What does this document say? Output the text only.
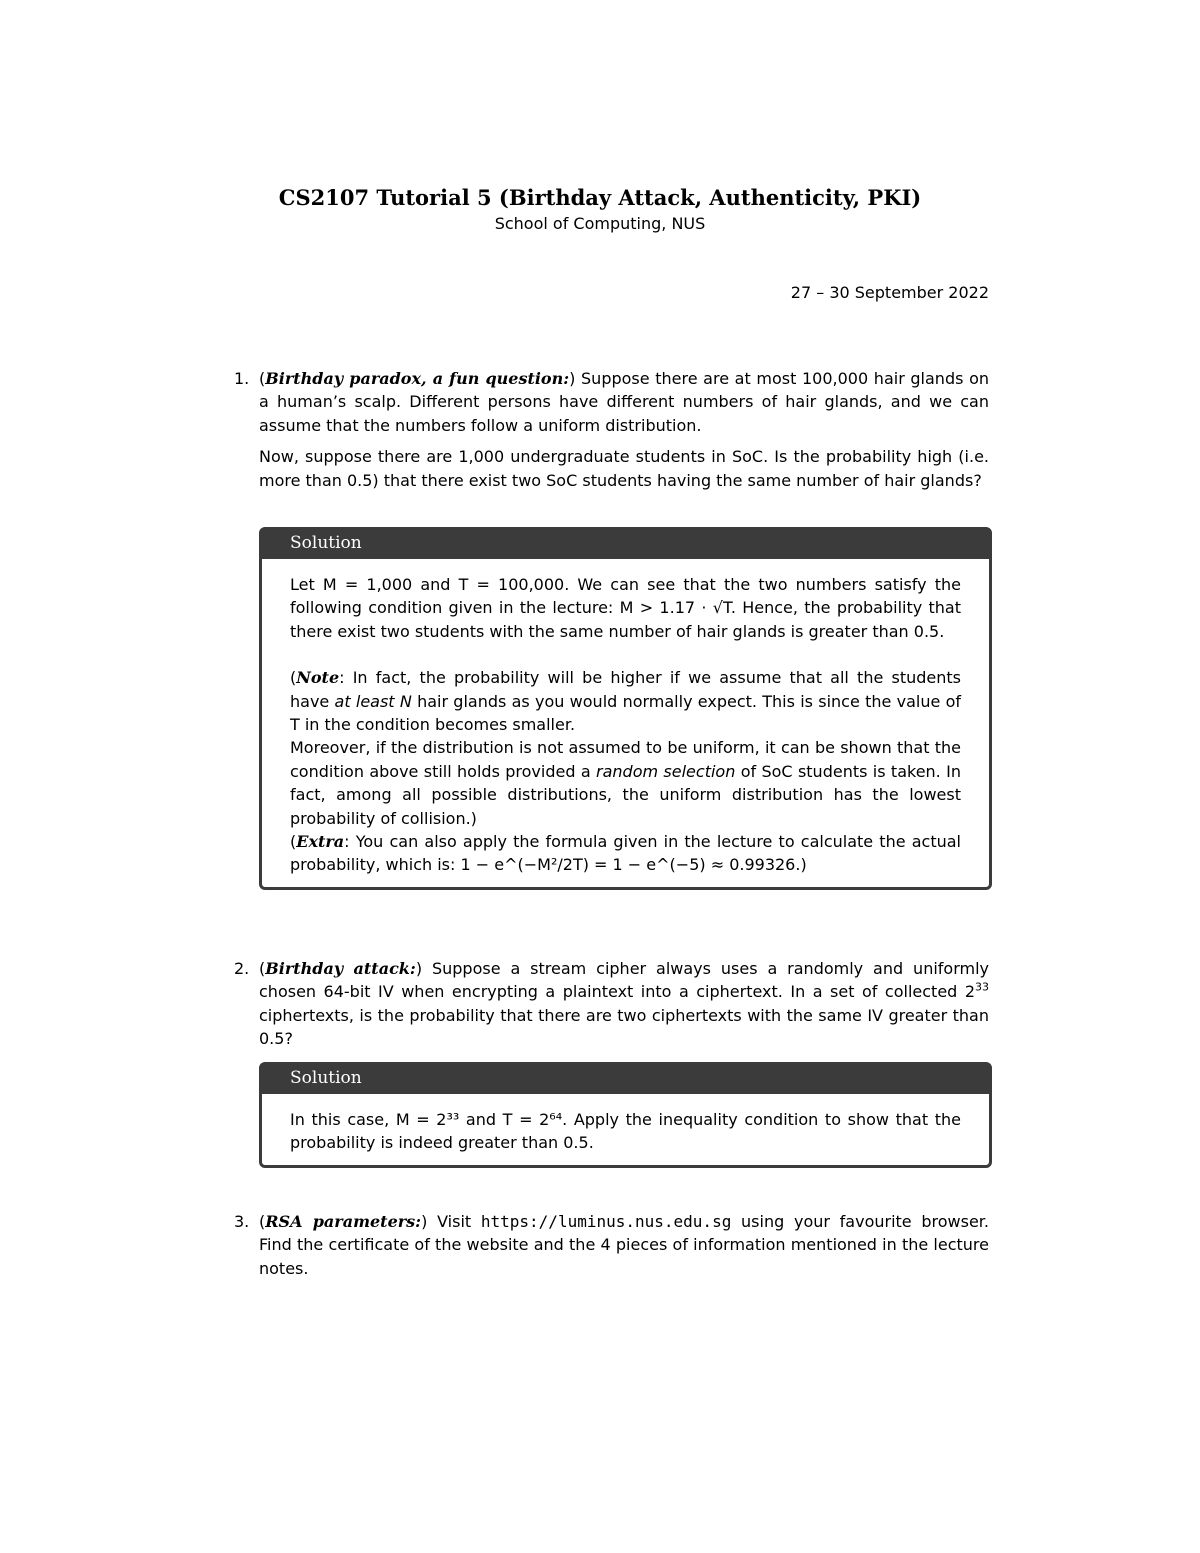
CS2107 Tutorial 5 (Birthday Attack, Authenticity, PKI)
School of Computing, NUS
27 – 30 September 2022
1. (Birthday paradox, a fun question:) Suppose there are at most 100,000 hair glands on a human’s scalp. Different persons have different numbers of hair glands, and we can assume that the numbers follow a uniform distribution.

Now, suppose there are 1,000 undergraduate students in SoC. Is the probability high (i.e. more than 0.5) that there exist two SoC students having the same number of hair glands?

Solution

Let M = 1,000 and T = 100,000. We can see that the two numbers satisfy the following condition given in the lecture: M > 1.17 · √T. Hence, the probability that there exist two students with the same number of hair glands is greater than 0.5.

(Note: In fact, the probability will be higher if we assume that all the students have at least N hair glands as you would normally expect. This is since the value of T in the condition becomes smaller.

Moreover, if the distribution is not assumed to be uniform, it can be shown that the condition above still holds provided a random selection of SoC students is taken. In fact, among all possible distributions, the uniform distribution has the lowest probability of collision.)

(Extra: You can also apply the formula given in the lecture to calculate the actual probability, which is: 1 − e^(−M²/2T) = 1 − e^(−5) ≈ 0.99326.)

2. (Birthday attack:) Suppose a stream cipher always uses a randomly and uniformly chosen 64-bit IV when encrypting a plaintext into a ciphertext. In a set of collected $2^{33}$ ciphertexts, is the probability that there are two ciphertexts with the same IV greater than 0.5?

Solution

In this case, M = 2³³ and T = 2⁶⁴. Apply the inequality condition to show that the probability is indeed greater than 0.5.

3. (RSA parameters:) Visit https://luminus.nus.edu.sg using your favourite browser. Find the certificate of the website and the 4 pieces of information mentioned in the lecture notes.
